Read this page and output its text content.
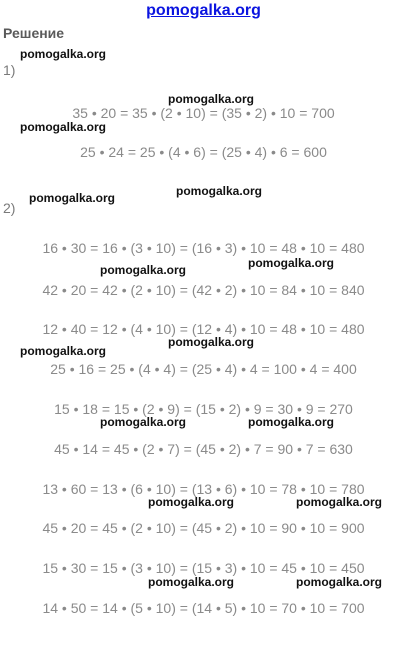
pomogalka.org
Решение
1)
2)
35 • 20 = 35 • (2 • 10) = (35 • 2) • 10 = 700
25 • 24 = 25 • (4 • 6) = (25 • 4) • 6 = 600
16 • 30 = 16 • (3 • 10) = (16 • 3) • 10 = 48 • 10 = 480
42 • 20 = 42 • (2 • 10) = (42 • 2) • 10 = 84 • 10 = 840
12 • 40 = 12 • (4 • 10) = (12 • 4) • 10 = 48 • 10 = 480
25 • 16 = 25 • (4 • 4) = (25 • 4) • 4 = 100 • 4 = 400
15 • 18 = 15 • (2 • 9) = (15 • 2) • 9 = 30 • 9 = 270
45 • 14 = 45 • (2 • 7) = (45 • 2) • 7 = 90 • 7 = 630
13 • 60 = 13 • (6 • 10) = (13 • 6) • 10 = 78 • 10 = 780
45 • 20 = 45 • (2 • 10) = (45 • 2) • 10 = 90 • 10 = 900
15 • 30 = 15 • (3 • 10) = (15 • 3) • 10 = 45 • 10 = 450
14 • 50 = 14 • (5 • 10) = (14 • 5) • 10 = 70 • 10 = 700
pomogalka.org
pomogalka.org
pomogalka.org
pomogalka.org
pomogalka.org
pomogalka.org
pomogalka.org
pomogalka.org
pomogalka.org
pomogalka.org	pomogalka.org
pomogalka.org	pomogalka.org
pomogalka.org	pomogalka.org
